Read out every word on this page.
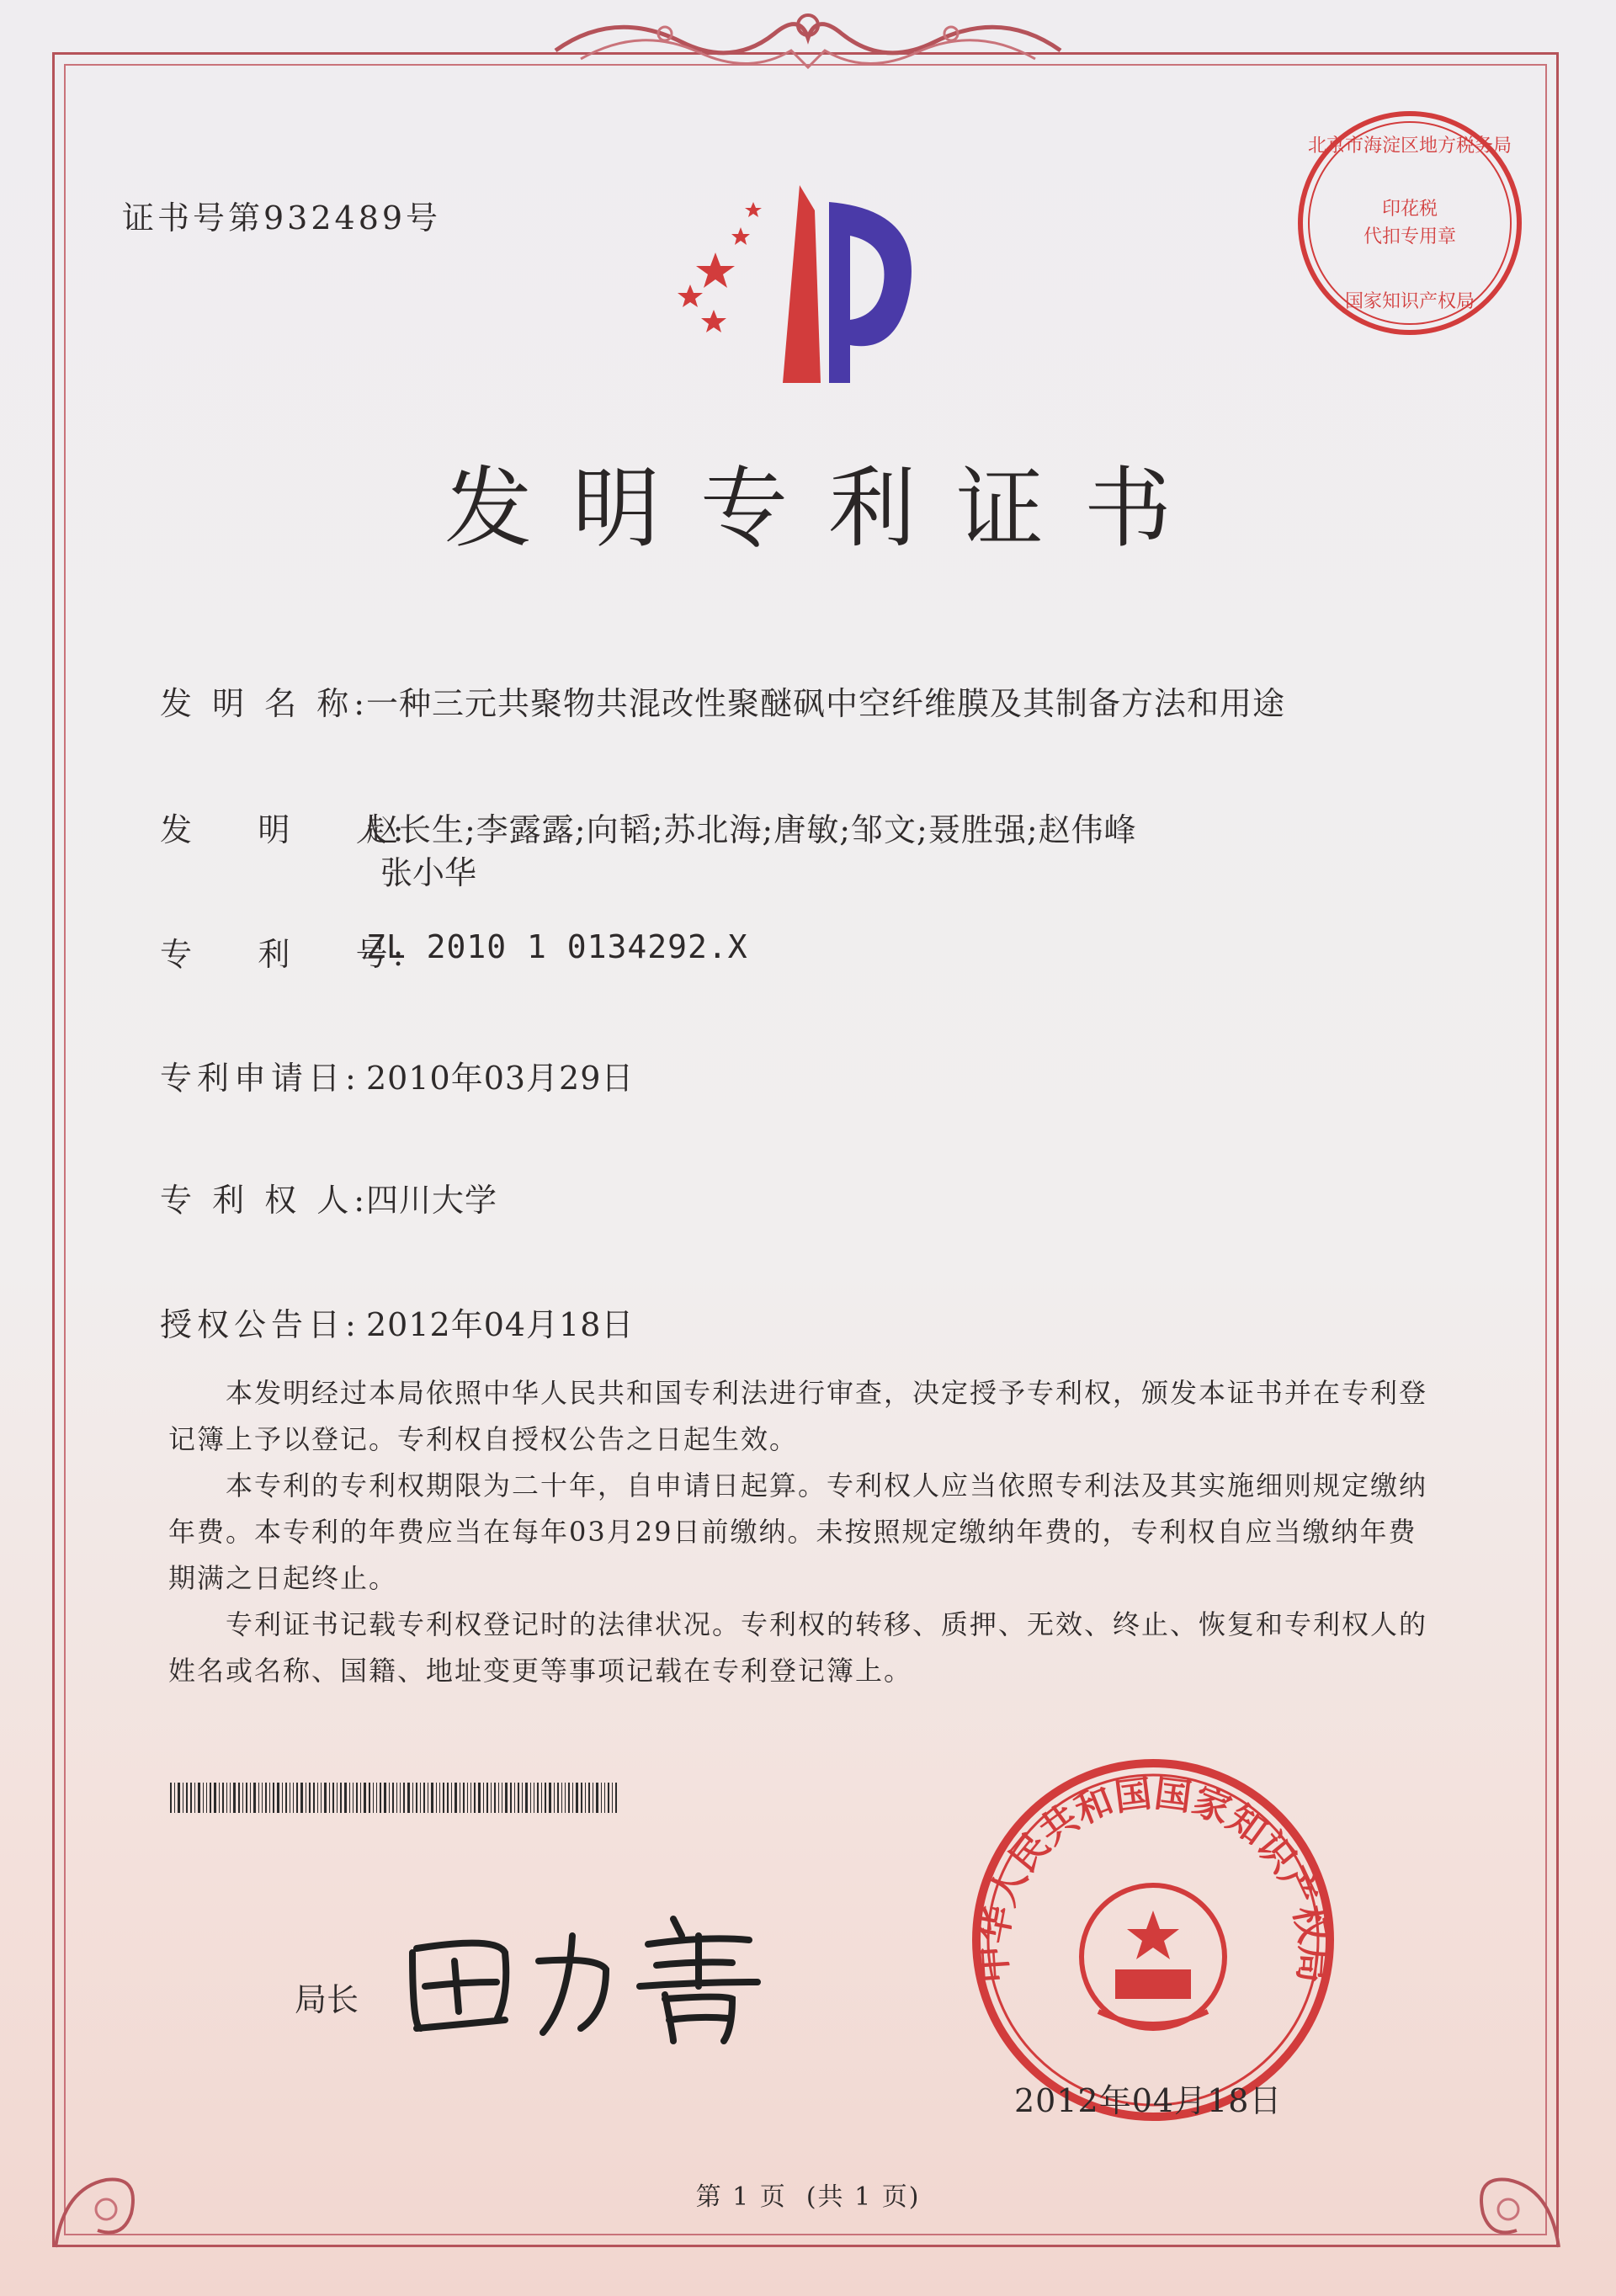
证书号第932489号
北京市海淀区地方税务局
印花税
代扣专用章
国家知识产权局
发明专利证书
发 明 名 称:
一种三元共聚物共混改性聚醚砜中空纤维膜及其制备方法和用途
发    明    人:
赵长生;李露露;向韬;苏北海;唐敏;邹文;聂胜强;赵伟峰
张小华
专    利    号:
ZL 2010 1 0134292.X
专利申请日: 2010年03月29日
专 利 权 人:
四川大学
授权公告日: 2012年04月18日

本发明经过本局依照中华人民共和国专利法进行审查，决定授予专利权，颁发本证书并在专利登记簿上予以登记。专利权自授权公告之日起生效。

本专利的专利权期限为二十年，自申请日起算。专利权人应当依照专利法及其实施细则规定缴纳年费。本专利的年费应当在每年03月29日前缴纳。未按照规定缴纳年费的，专利权自应当缴纳年费期满之日起终止。

专利证书记载专利权登记时的法律状况。专利权的转移、质押、无效、终止、恢复和专利权人的姓名或名称、国籍、地址变更等事项记载在专利登记簿上。

局长
中华人民共和国国家知识产权局
2012年04月18日
第 1 页  (共 1 页)
